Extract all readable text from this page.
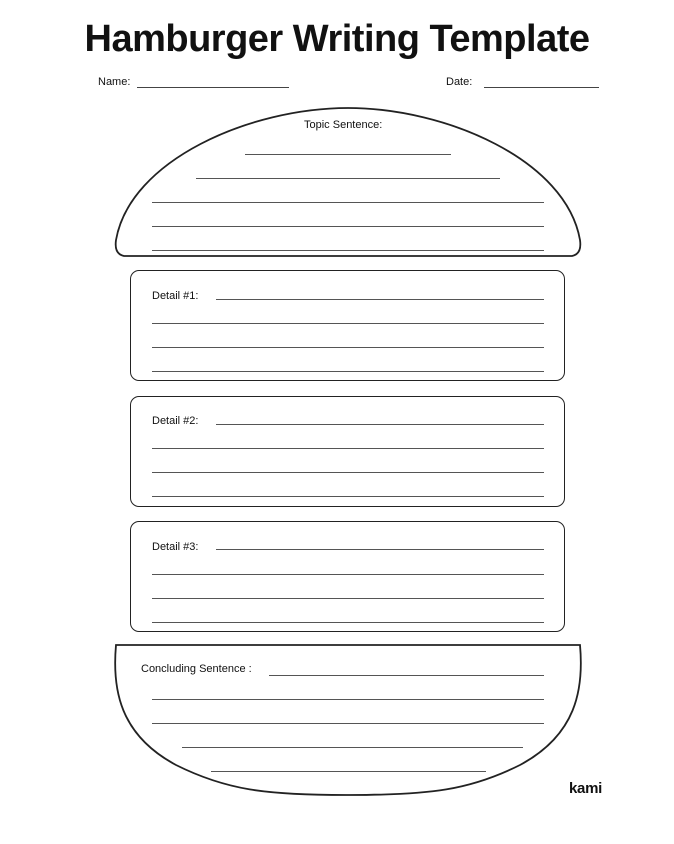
Hamburger Writing Template
Name:	Date:
Topic Sentence:
Detail #1:
Detail #2:
Detail #3:
Concluding Sentence :
kami
